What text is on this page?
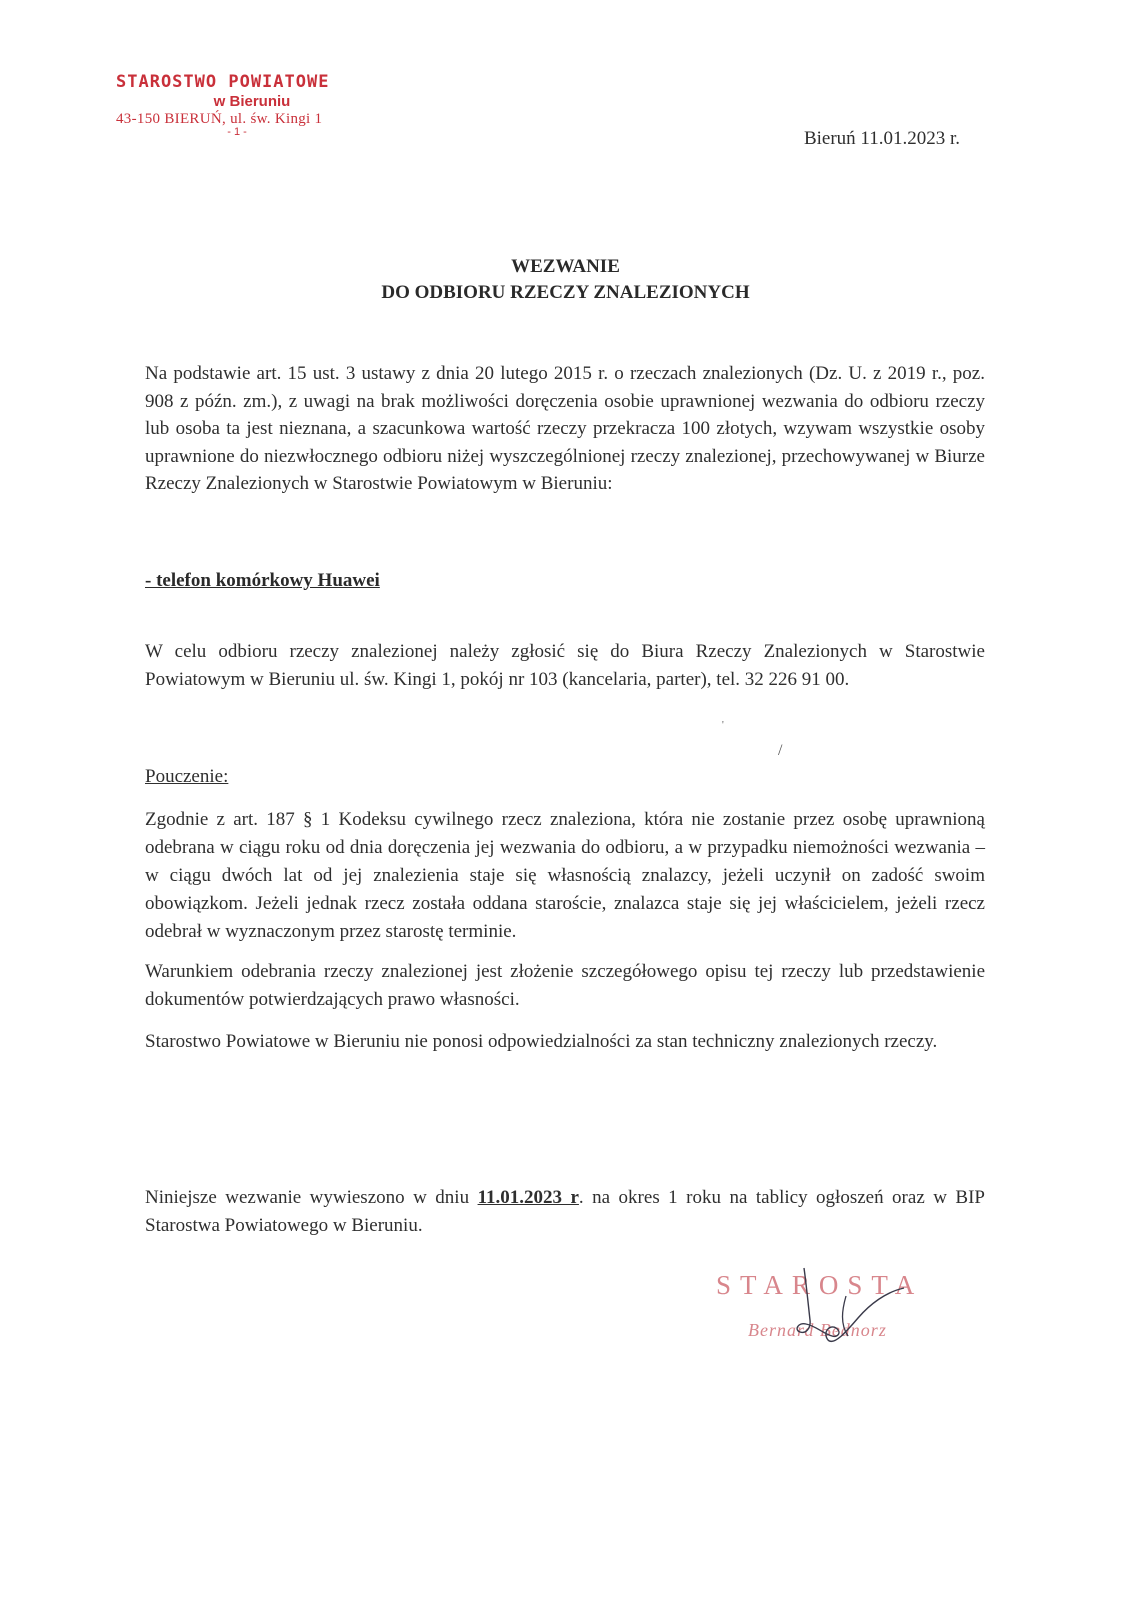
STAROSTWO POWIATOWE
w Bieruniu
43-150 BIERUŃ, ul. św. Kingi 1
- 1 -	Bieruń 11.01.2023 r.
WEZWANIE
DO ODBIORU RZECZY ZNALEZIONYCH
Na podstawie art. 15 ust. 3 ustawy z dnia 20 lutego 2015 r. o rzeczach znalezionych (Dz. U. z 2019 r., poz. 908 z późn. zm.), z uwagi na brak możliwości doręczenia osobie uprawnionej wezwania do odbioru rzeczy lub osoba ta jest nieznana, a szacunkowa wartość rzeczy przekracza 100 złotych, wzywam wszystkie osoby uprawnione do niezwłocznego odbioru niżej wyszczególnionej rzeczy znalezionej, przechowywanej w Biurze Rzeczy Znalezionych w Starostwie Powiatowym w Bieruniu:
- telefon komórkowy Huawei
W celu odbioru rzeczy znalezionej należy zgłosić się do Biura Rzeczy Znalezionych w Starostwie Powiatowym w Bieruniu ul. św. Kingi 1, pokój nr 103 (kancelaria, parter), tel. 32 226 91 00.
Pouczenie:
Zgodnie z art. 187 § 1 Kodeksu cywilnego rzecz znaleziona, która nie zostanie przez osobę uprawnioną odebrana w ciągu roku od dnia doręczenia jej wezwania do odbioru, a w przypadku niemożności wezwania – w ciągu dwóch lat od jej znalezienia staje się własnością znalazcy, jeżeli uczynił on zadość swoim obowiązkom. Jeżeli jednak rzecz została oddana staroście, znalazca staje się jej właścicielem, jeżeli rzecz odebrał w wyznaczonym przez starostę terminie.
Warunkiem odebrania rzeczy znalezionej jest złożenie szczegółowego opisu tej rzeczy lub przedstawienie dokumentów potwierdzających prawo własności.
Starostwo Powiatowe w Bieruniu nie ponosi odpowiedzialności za stan techniczny znalezionych rzeczy.
Niniejsze wezwanie wywieszono w dniu 11.01.2023 r. na okres 1 roku na tablicy ogłoszeń oraz w BIP Starostwa Powiatowego w Bieruniu.
/
'
STAROSTA
Bernard Bednorz
